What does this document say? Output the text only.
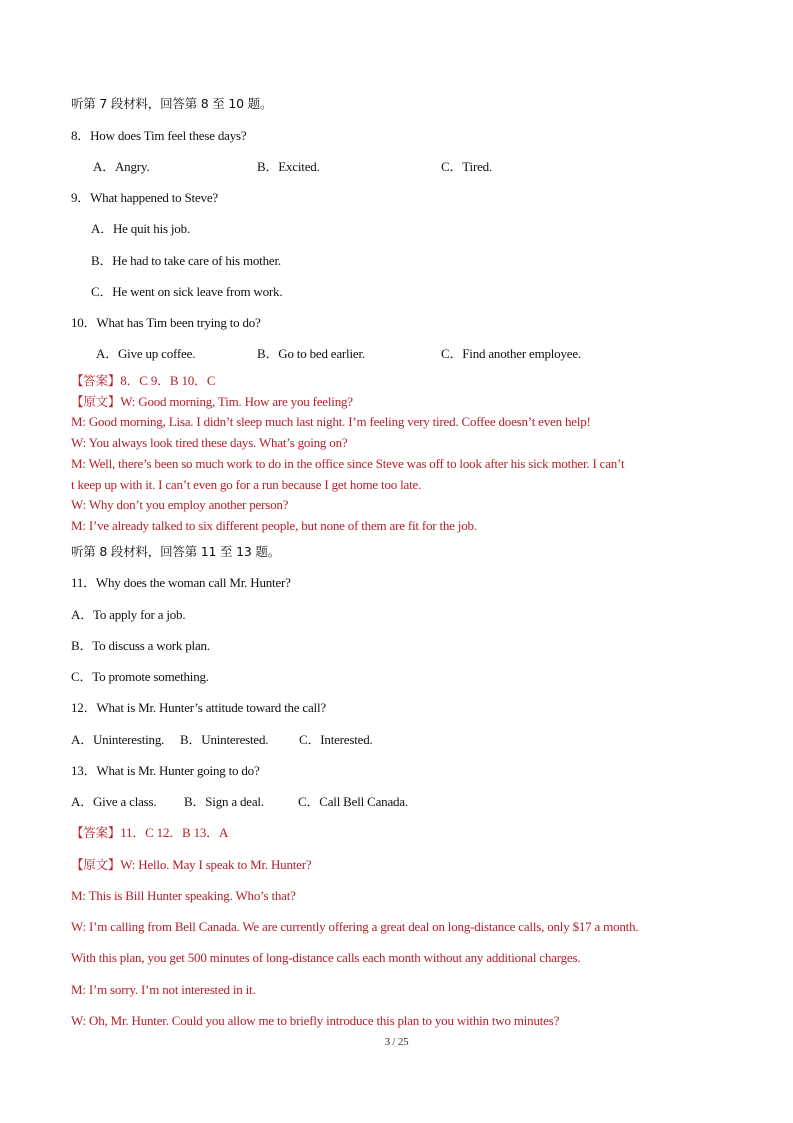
听第 7 段材料，回答第 8 至 10 题。
8．How does Tim feel these days?
A．Angry.	B．Excited.	C．Tired.
9．What happened to Steve?
A．He quit his job.
B．He had to take care of his mother.
C．He went on sick leave from work.
10．What has Tim been trying to do?
A．Give up coffee.	B．Go to bed earlier.	C．Find another employee.
【答案】8．C 9．B 10．C
【原文】W: Good morning, Tim. How are you feeling?
M: Good morning, Lisa. I didn’t sleep much last night. I’m feeling very tired. Coffee doesn’t even help!
W: You always look tired these days. What’s going on?
M: Well, there’s been so much work to do in the office since Steve was off to look after his sick mother. I can’t
t keep up with it. I can’t even go for a run because I get home too late.
W: Why don’t you employ another person?
M: I’ve already talked to six different people, but none of them are fit for the job.
听第 8 段材料，回答第 11 至 13 题。
11．Why does the woman call Mr. Hunter?
A．To apply for a job.
B．To discuss a work plan.
C．To promote something.
12．What is Mr. Hunter’s attitude toward the call?
A．Uninteresting. B．Uninterested. C．Interested.
13．What is Mr. Hunter going to do?
A．Give a class. B．Sign a deal.	C．Call Bell Canada.
【答案】11．C 12．B 13．A
【原文】W: Hello. May I speak to Mr. Hunter?
M: This is Bill Hunter speaking. Who’s that?
W: I’m calling from Bell Canada. We are currently offering a great deal on long-distance calls, only $17 a month.
With this plan, you get 500 minutes of long-distance calls each month without any additional charges.
M: I’m sorry. I’m not interested in it.
W: Oh, Mr. Hunter. Could you allow me to briefly introduce this plan to you within two minutes?
3 / 25
